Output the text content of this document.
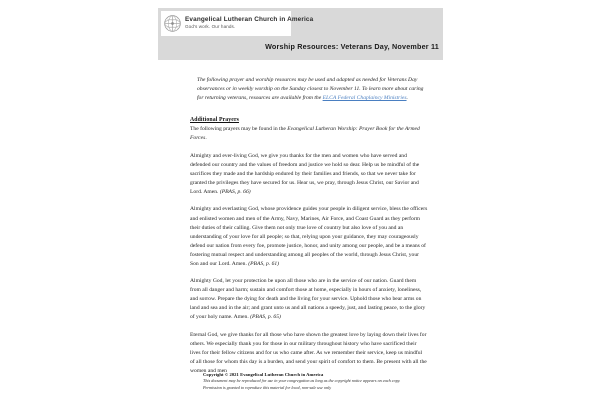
Evangelical Lutheran Church in America
God's work. Our hands.
Worship Resources: Veterans Day, November 11

The following prayer and worship resources may be used and adapted as needed for Veterans Day observances or in weekly worship on the Sunday closest to November 11. To learn more about caring for returning veterans, resources are available from the ELCA Federal Chaplaincy Ministries.

Additional Prayers

The following prayers may be found in the Evangelical Lutheran Worship: Prayer Book for the Armed Forces.

Almighty and ever-living God, we give you thanks for the men and women who have served and defended our country and the values of freedom and justice we hold so dear. Help us be mindful of the sacrifices they made and the hardship endured by their families and friends, so that we never take for granted the privileges they have secured for us. Hear us, we pray, through Jesus Christ, our Savior and Lord. Amen. (PBAS, p. 66)

Almighty and everlasting God, whose providence guides your people in diligent service, bless the officers and enlisted women and men of the Army, Navy, Marines, Air Force, and Coast Guard as they perform their duties of their calling. Give them not only true love of country but also love of you and an understanding of your love for all people; so that, relying upon your guidance, they may courageously defend our nation from every foe, promote justice, honor, and unity among our people, and be a means of fostering mutual respect and understanding among all peoples of the world, through Jesus Christ, your Son and our Lord. Amen. (PBAS, p. 61)

Almighty God, let your protection be upon all those who are in the service of our nation. Guard them from all danger and harm; sustain and comfort those at home, especially in hours of anxiety, loneliness, and sorrow. Prepare the dying for death and the living for your service. Uphold those who bear arms on land and sea and in the air; and grant unto us and all nations a speedy, just, and lasting peace, to the glory of your holy name. Amen. (PBAS, p. 65)

Eternal God, we give thanks for all those who have shown the greatest love by laying down their lives for others. We especially thank you for those in our military throughout history who have sacrificed their lives for their fellow citizens and for us who came after. As we remember their service, keep us mindful of all those for whom this day is a burden, and send your spirit of comfort to them. Be present with all the women and men

Copyright © 2021 Evangelical Lutheran Church in America
This document may be reproduced for use in your congregation as long as the copyright notice appears on each copy. Permission is granted to reproduce this material for local, non-sale use only
